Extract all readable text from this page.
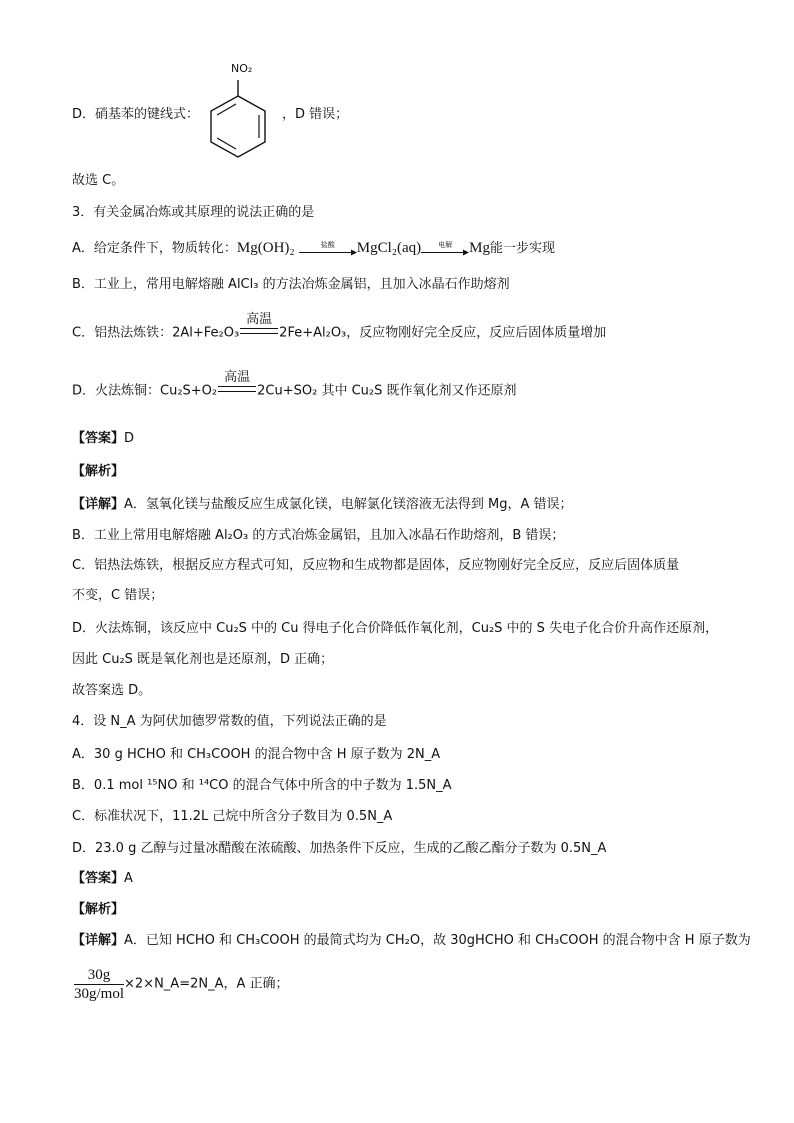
D．硝基苯的键线式：
NO₂
，D 错误；
故选 C。
3．有关金属冶炼或其原理的说法正确的是
A．给定条件下，物质转化：Mg(OH)₂	盐酸	MgCl₂(aq)	电解	Mg能一步实现
B．工业上，常用电解熔融 AlCl₃ 的方法冶炼金属铝，且加入冰晶石作助熔剂
C．铝热法炼铁：2Al+Fe₂O₃
高温
2Fe+Al₂O₃，反应物刚好完全反应，反应后固体质量增加
D．火法炼铜：Cu₂S+O₂
高温
2Cu+SO₂ 其中 Cu₂S 既作氧化剂又作还原剂
【答案】D
【解析】
【详解】A．氢氧化镁与盐酸反应生成氯化镁，电解氯化镁溶液无法得到 Mg，A 错误；
B．工业上常用电解熔融 Al₂O₃ 的方式冶炼金属铝，且加入冰晶石作助熔剂，B 错误；
C．铝热法炼铁，根据反应方程式可知，反应物和生成物都是固体，反应物刚好完全反应，反应后固体质量
不变，C 错误；
D．火法炼铜，该反应中 Cu₂S 中的 Cu 得电子化合价降低作氧化剂，Cu₂S 中的 S 失电子化合价升高作还原剂，
因此 Cu₂S 既是氧化剂也是还原剂，D 正确；
故答案选 D。
4．设 N_A 为阿伏加德罗常数的值，下列说法正确的是
A．30 g HCHO 和 CH₃COOH 的混合物中含 H 原子数为 2N_A
B．0.1 mol ¹⁵NO 和 ¹⁴CO 的混合气体中所含的中子数为 1.5N_A
C．标准状况下，11.2L 己烷中所含分子数目为 0.5N_A
D．23.0 g 乙醇与过量冰醋酸在浓硫酸、加热条件下反应，生成的乙酸乙酯分子数为 0.5N_A
【答案】A
【解析】
【详解】A．已知 HCHO 和 CH₃COOH 的最简式均为 CH₂O，故 30gHCHO 和 CH₃COOH 的混合物中含 H 原子数为
$\frac{30g}{\text{30g/mol}}$ ×2×N_A=2N_A，A 正确；
